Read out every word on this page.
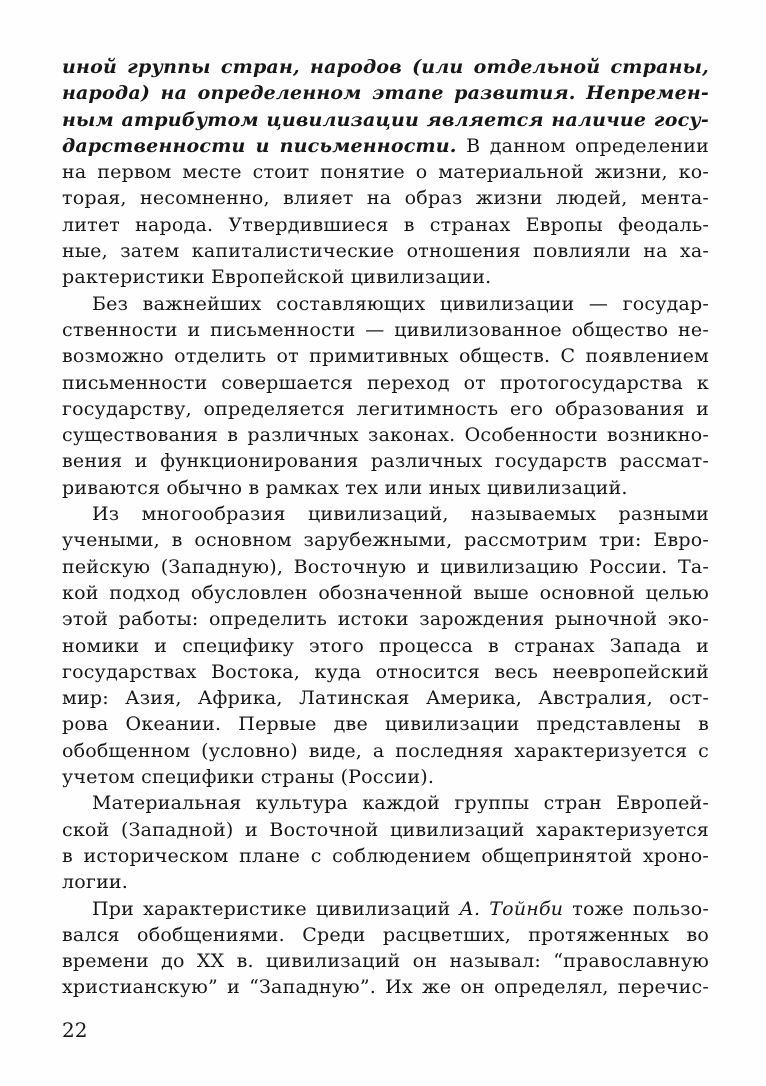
иной группы стран, народов (или отдельной страны,
народа) на определенном этапе развития. Непремен-
ным атрибутом цивилизации является наличие госу-
дарственности и письменности. В данном определении
на первом месте стоит понятие о материальной жизни, ко-
торая, несомненно, влияет на образ жизни людей, мента-
литет народа. Утвердившиеся в странах Европы феодаль-
ные, затем капиталистические отношения повлияли на ха-
рактеристики Европейской цивилизации.
Без важнейших составляющих цивилизации — государ-
ственности и письменности — цивилизованное общество не-
возможно отделить от примитивных обществ. С появлением
письменности совершается переход от протогосударства к
государству, определяется легитимность его образования и
существования в различных законах. Особенности возникно-
вения и функционирования различных государств рассмат-
риваются обычно в рамках тех или иных цивилизаций.
Из многообразия цивилизаций, называемых разными
учеными, в основном зарубежными, рассмотрим три: Евро-
пейскую (Западную), Восточную и цивилизацию России. Та-
кой подход обусловлен обозначенной выше основной целью
этой работы: определить истоки зарождения рыночной эко-
номики и специфику этого процесса в странах Запада и
государствах Востока, куда относится весь неевропейский
мир: Азия, Африка, Латинская Америка, Австралия, ост-
рова Океании. Первые две цивилизации представлены в
обобщенном (условно) виде, а последняя характеризуется с
учетом специфики страны (России).
Материальная культура каждой группы стран Европей-
ской (Западной) и Восточной цивилизаций характеризуется
в историческом плане с соблюдением общепринятой хроно-
логии.
При характеристике цивилизаций А. Тойнби тоже пользо-
вался обобщениями. Среди расцветших, протяженных во
времени до XX в. цивилизаций он называл: “православную
христианскую” и “Западную”. Их же он определял, перечис-
22
